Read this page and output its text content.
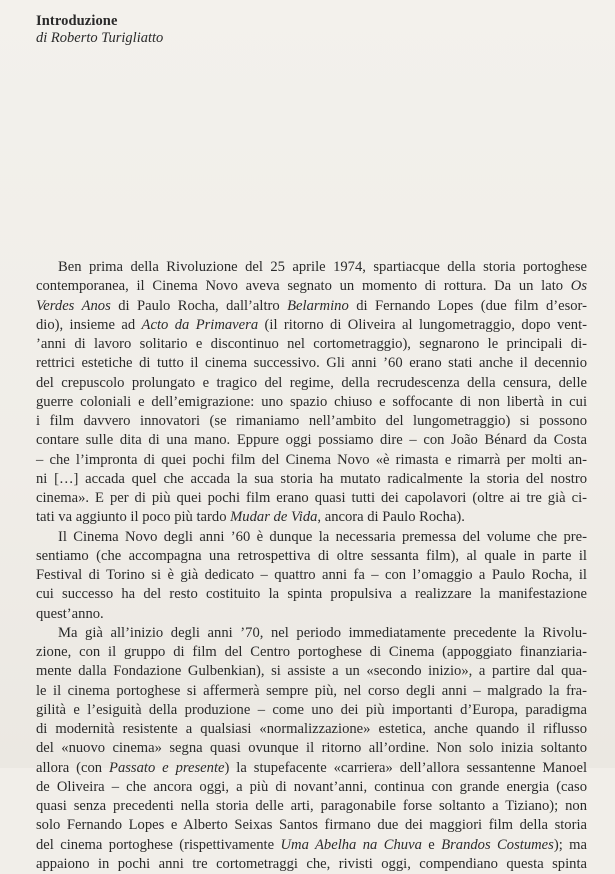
Introduzione
di Roberto Turigliatto
Ben prima della Rivoluzione del 25 aprile 1974, spartiacque della storia portoghese
contemporanea, il Cinema Novo aveva segnato un momento di rottura. Da un lato Os
Verdes Anos di Paulo Rocha, dall’altro Belarmino di Fernando Lopes (due film d’esor-
dio), insieme ad Acto da Primavera (il ritorno di Oliveira al lungometraggio, dopo vent-
’anni di lavoro solitario e discontinuo nel cortometraggio), segnarono le principali di-
rettrici estetiche di tutto il cinema successivo. Gli anni ’60 erano stati anche il decennio
del crepuscolo prolungato e tragico del regime, della recrudescenza della censura, delle
guerre coloniali e dell’emigrazione: uno spazio chiuso e soffocante di non libertà in cui
i film davvero innovatori (se rimaniamo nell’ambito del lungometraggio) si possono
contare sulle dita di una mano. Eppure oggi possiamo dire – con João Bénard da Costa
– che l’impronta di quei pochi film del Cinema Novo «è rimasta e rimarrà per molti an-
ni […] accada quel che accada la sua storia ha mutato radicalmente la storia del nostro
cinema». E per di più quei pochi film erano quasi tutti dei capolavori (oltre ai tre già ci-
tati va aggiunto il poco più tardo Mudar de Vida, ancora di Paulo Rocha).
Il Cinema Novo degli anni ’60 è dunque la necessaria premessa del volume che pre-
sentiamo (che accompagna una retrospettiva di oltre sessanta film), al quale in parte il
Festival di Torino si è già dedicato – quattro anni fa – con l’omaggio a Paulo Rocha, il
cui successo ha del resto costituito la spinta propulsiva a realizzare la manifestazione
quest’anno.
Ma già all’inizio degli anni ’70, nel periodo immediatamente precedente la Rivolu-
zione, con il gruppo di film del Centro portoghese di Cinema (appoggiato finanziaria-
mente dalla Fondazione Gulbenkian), si assiste a un «secondo inizio», a partire dal qua-
le il cinema portoghese si affermerà sempre più, nel corso degli anni – malgrado la fra-
gilità e l’esiguità della produzione – come uno dei più importanti d’Europa, paradigma
di modernità resistente a qualsiasi «normalizzazione» estetica, anche quando il riflusso
del «nuovo cinema» segna quasi ovunque il ritorno all’ordine. Non solo inizia soltanto
allora (con Passato e presente) la stupefacente «carriera» dell’allora sessantenne Manoel
de Oliveira – che ancora oggi, a più di novant’anni, continua con grande energia (caso
quasi senza precedenti nella storia delle arti, paragonabile forse soltanto a Tiziano); non
solo Fernando Lopes e Alberto Seixas Santos firmano due dei maggiori film della storia
del cinema portoghese (rispettivamente Uma Abelha na Chuva e Brandos Costumes); ma
appaiono in pochi anni tre cortometraggi che, rivisti oggi, compendiano questa spinta
